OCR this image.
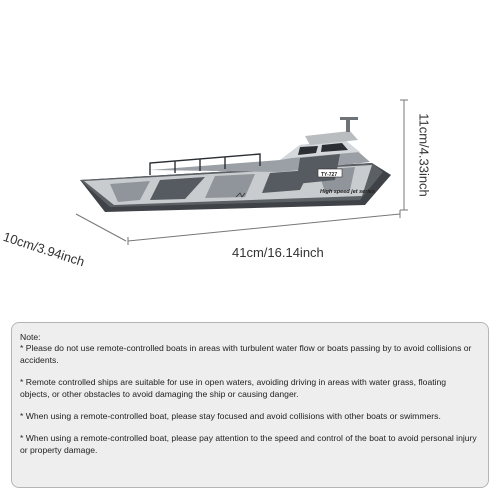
TY-727
High speed jet series	11cm/4.33inch
41cm/16.14inch
10cm/3.94inch

Note:

* Please do not use remote-controlled boats in areas with turbulent water flow or boats passing by to avoid collisions or accidents.

* Remote controlled ships are suitable for use in open waters, avoiding driving in areas with water grass, floating objects, or other obstacles to avoid damaging the ship or causing danger.

* When using a remote-controlled boat, please stay focused and avoid collisions with other boats or swimmers.

* When using a remote-controlled boat, please pay attention to the speed and control of the boat to avoid personal injury or property damage.
